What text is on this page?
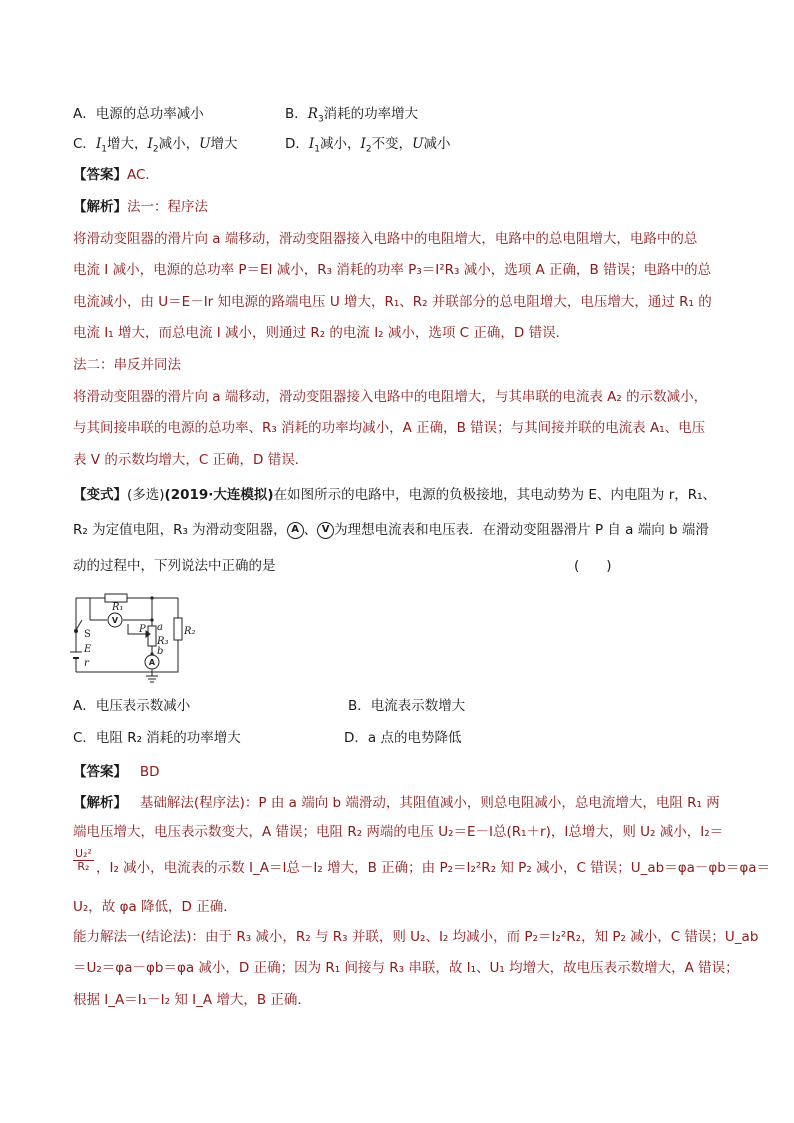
A．电源的总功率减小	B．$R_3$消耗的功率增大
C．$I_1$增大，$I_2$减小，U增大	D．$I_1$减小，$I_2$不变，U减小
【答案】AC.
【解析】法一：程序法
将滑动变阻器的滑片向 a 端移动，滑动变阻器接入电路中的电阻增大，电路中的总电阻增大，电路中的总
电流 I 减小，电源的总功率 P＝EI 减小，R₃ 消耗的功率 P₃＝I²R₃ 减小，选项 A 正确，B 错误；电路中的总
电流减小，由 U＝E－Ir 知电源的路端电压 U 增大，R₁、R₂ 并联部分的总电阻增大，电压增大，通过 R₁ 的
电流 I₁ 增大，而总电流 I 减小，则通过 R₂ 的电流 I₂ 减小，选项 C 正确，D 错误．
法二：串反并同法
将滑动变阻器的滑片向 a 端移动，滑动变阻器接入电路中的电阻增大，与其串联的电流表 A₂ 的示数减小，
与其间接串联的电源的总功率、R₃ 消耗的功率均减小，A 正确，B 错误；与其间接并联的电流表 A₁、电压
表 V 的示数均增大，C 正确，D 错误．
【变式】(多选)(2019·大连模拟)在如图所示的电路中，电源的负极接地，其电动势为 E、内电阻为 r，R₁、
R₂ 为定值电阻，R₃ 为滑动变阻器， A 、 V 为理想电流表和电压表．在滑动变阻器滑片 P 自 a 端向 b 端滑
动的过程中，下列说法中正确的是	(　　)
R₁
R₂
R₃
P a
b
S
E
r
V
A
A．电压表示数减小	B．电流表示数增大
C．电阻 R₂ 消耗的功率增大	D．a 点的电势降低
【答案】 BD
【解析】 基础解法(程序法)：P 由 a 端向 b 端滑动，其阻值减小，则总电阻减小，总电流增大，电阻 R₁ 两
端电压增大，电压表示数变大，A 错误；电阻 R₂ 两端的电压 U₂＝E－I总(R₁＋r)，I总增大，则 U₂ 减小，I₂＝
$\frac{\text{U₂²}}{\text{R₂}}$ ，I₂ 减小，电流表的示数 I_A＝I总－I₂ 增大，B 正确；由 P₂＝I₂²R₂ 知 P₂ 减小，C 错误；U_ab＝φa－φb＝φa＝
U₂，故 φa 降低，D 正确．
能力解法一(结论法)：由于 R₃ 减小，R₂ 与 R₃ 并联，则 U₂、I₂ 均减小，而 P₂＝I₂²R₂，知 P₂ 减小，C 错误；U_ab
＝U₂＝φa－φb＝φa 减小，D 正确；因为 R₁ 间接与 R₃ 串联，故 I₁、U₁ 均增大，故电压表示数增大，A 错误；
根据 I_A＝I₁－I₂ 知 I_A 增大，B 正确．
